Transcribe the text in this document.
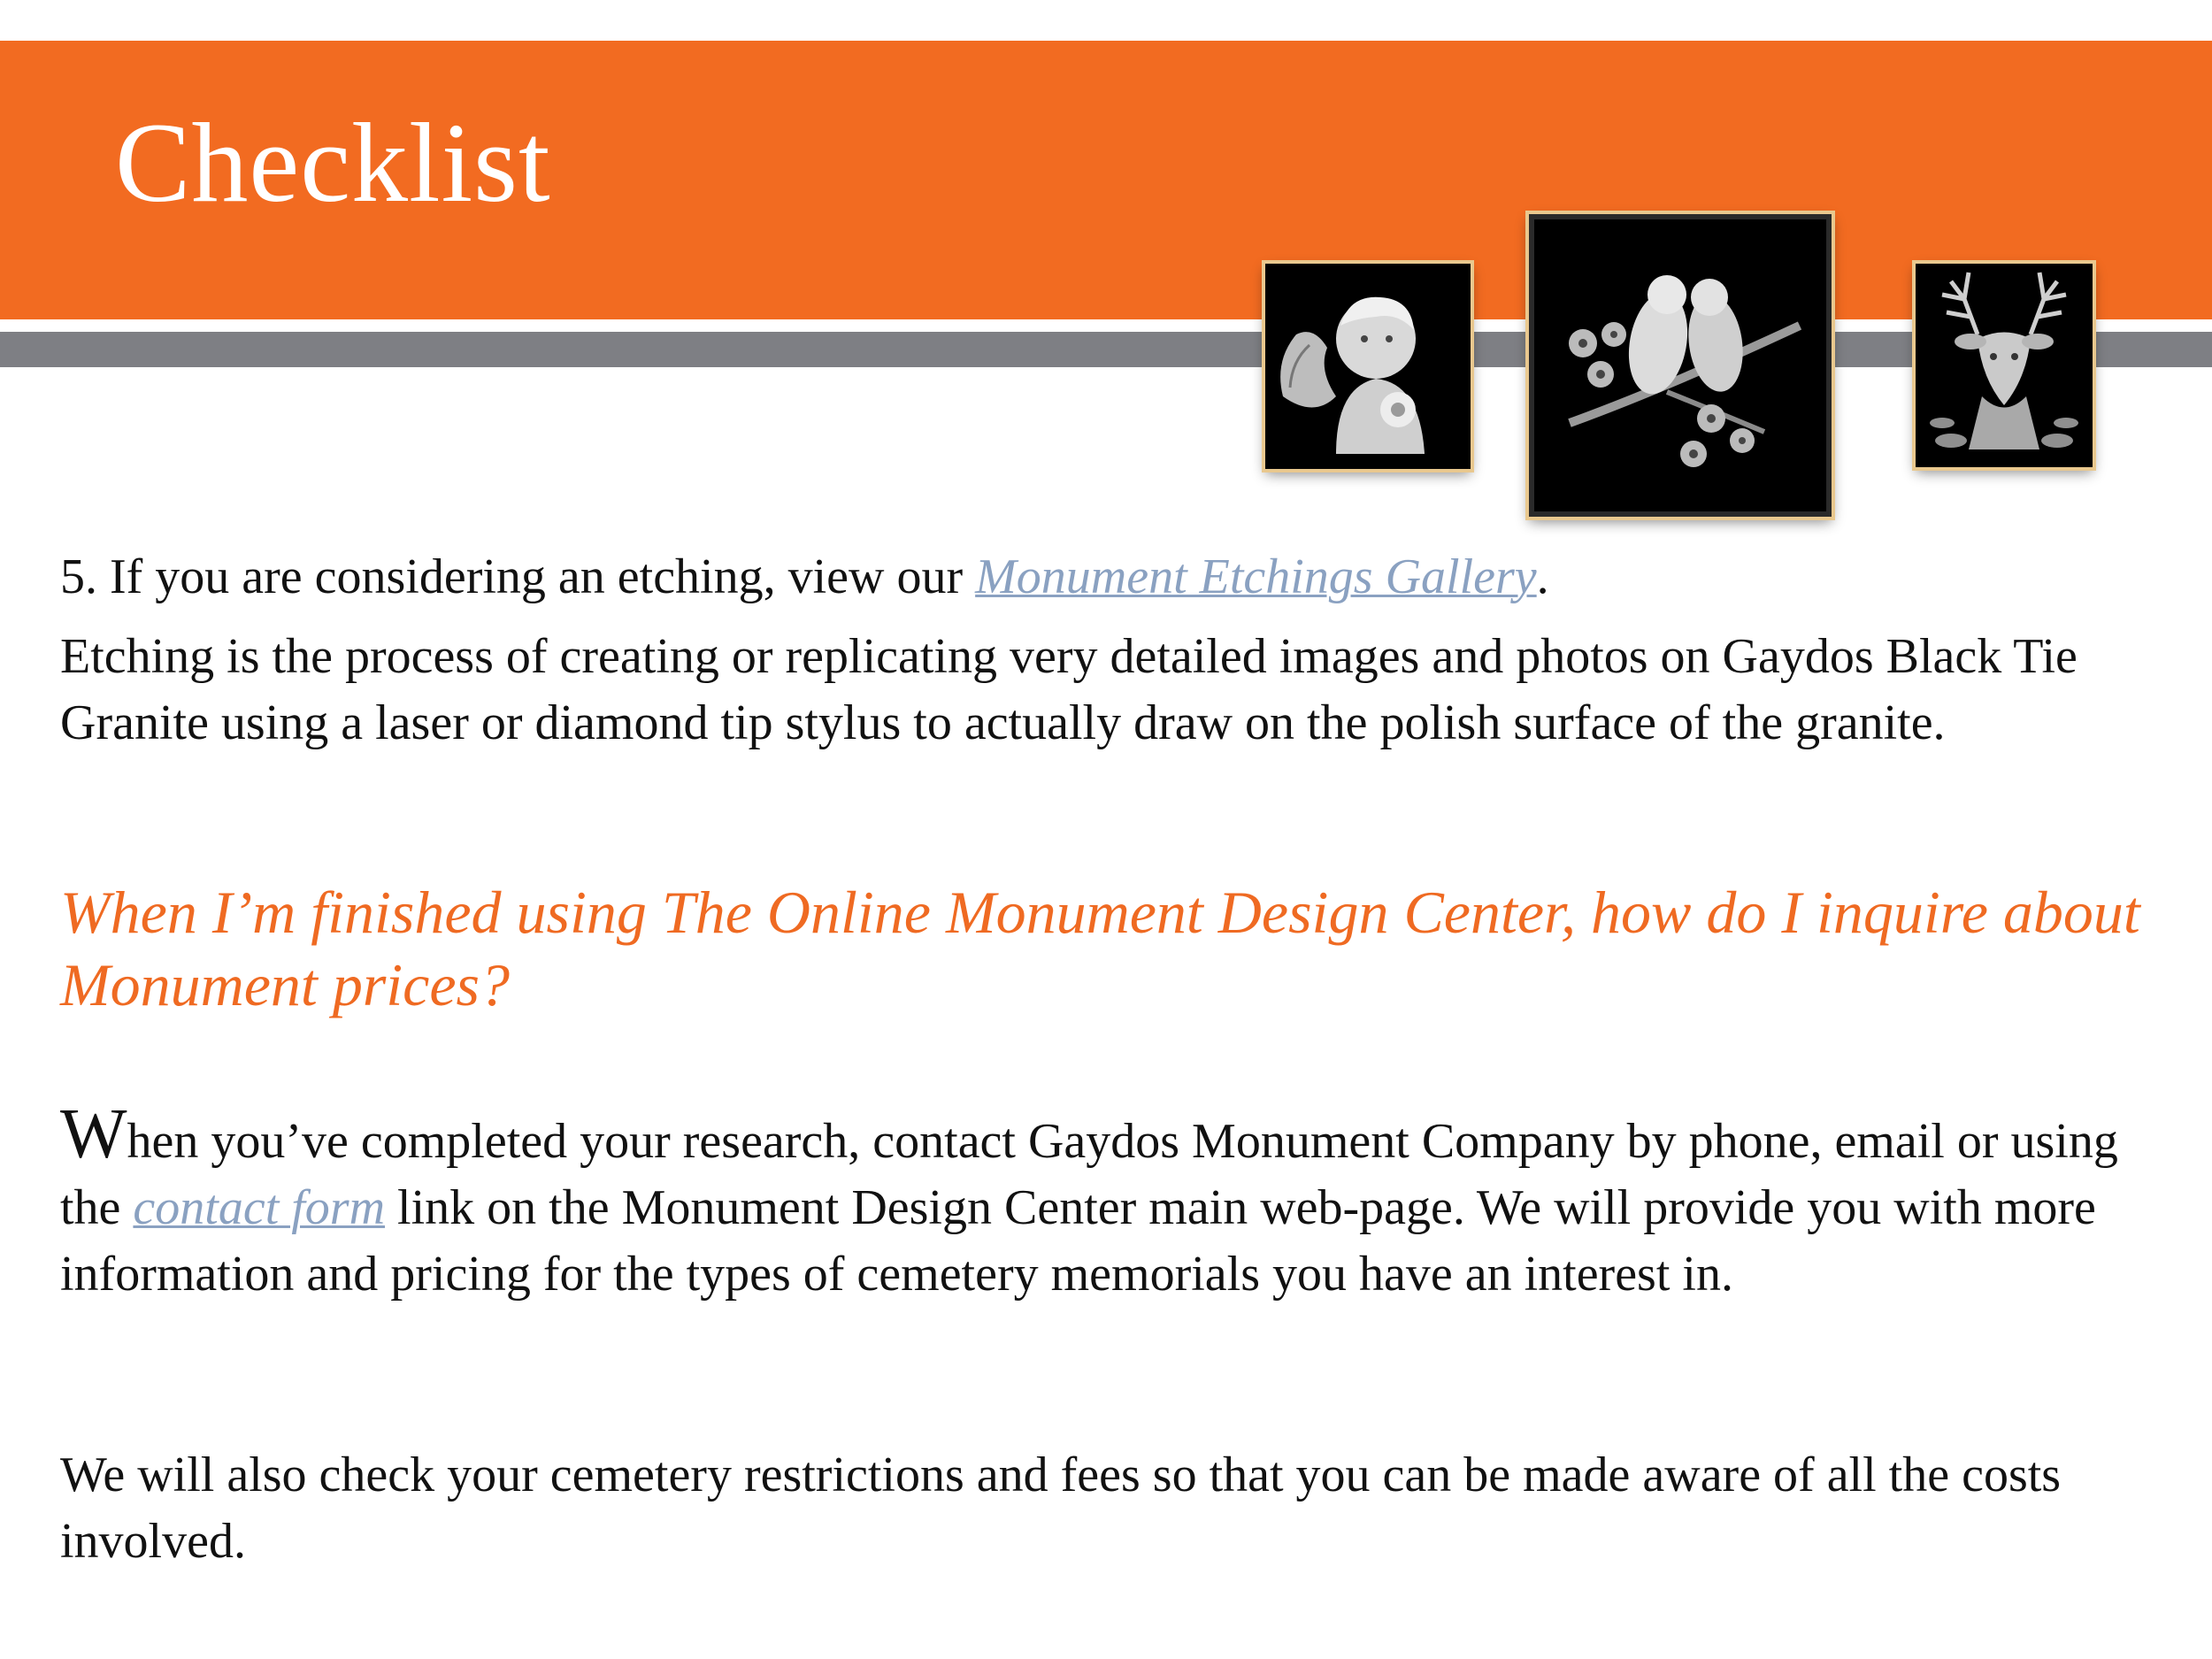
Checklist

5. If you are considering an etching, view our Monument Etchings Gallery.

Etching is the process of creating or replicating very detailed images and photos on Gaydos Black Tie Granite using a laser or diamond tip stylus to actually draw on the polish surface of the granite.

When I’m finished using The Online Monument Design Center, how do I inquire about Monument prices?

When you’ve completed your research, contact Gaydos Monument Company by phone, email or using the contact form link on the Monument Design Center main web-page. We will provide you with more information and pricing for the types of cemetery memorials you have an interest in.

We will also check your cemetery restrictions and fees so that you can be made aware of all the costs involved.
